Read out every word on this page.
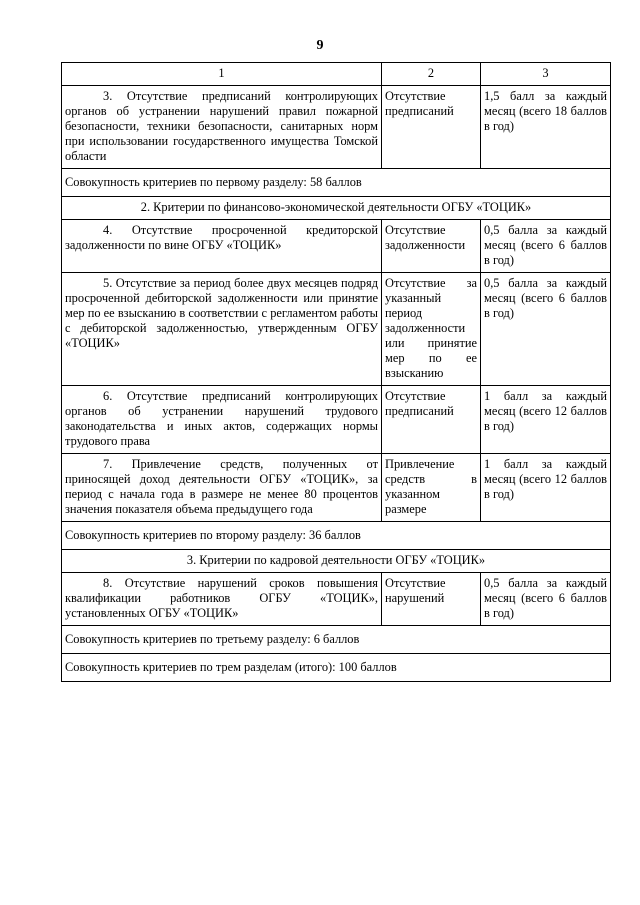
9
1	2	3
3. Отсутствие предписаний контролирующих органов об устранении нарушений правил пожарной безопасности, техники безопасности, санитарных норм при использовании государственного имущества Томской области	Отсутствие предписаний	1,5 балл за каждый месяц (всего 18 баллов в год)
Совокупность критериев по первому разделу: 58 баллов		
2. Критерии по финансово-экономической деятельности ОГБУ «ТОЦИК»		
4. Отсутствие просроченной кредиторской задолженности по вине ОГБУ «ТОЦИК»	Отсутствие задолженности	0,5 балла за каждый месяц (всего 6 баллов в год)
5. Отсутствие за период более двух месяцев подряд просроченной дебиторской задолженности или принятие мер по ее взысканию в соответствии с регламентом работы с дебиторской задолженностью, утвержденным ОГБУ «ТОЦИК»	Отсутствие за указанный период задолженности или принятие мер по ее взысканию	0,5 балла за каждый месяц (всего 6 баллов в год)
6. Отсутствие предписаний контролирующих органов об устранении нарушений трудового законодательства и иных актов, содержащих нормы трудового права	Отсутствие предписаний	1 балл за каждый месяц (всего 12 баллов в год)
7. Привлечение средств, полученных от приносящей доход деятельности ОГБУ «ТОЦИК», за период с начала года в размере не менее 80 процентов значения показателя объема предыдущего года	Привлечение средств в указанном размере	1 балл за каждый месяц (всего 12 баллов в год)
Совокупность критериев по второму разделу: 36 баллов		
3. Критерии по кадровой деятельности ОГБУ «ТОЦИК»		
8. Отсутствие нарушений сроков повышения квалификации работников ОГБУ «ТОЦИК», установленных ОГБУ «ТОЦИК»	Отсутствие нарушений	0,5 балла за каждый месяц (всего 6 баллов в год)
Совокупность критериев по третьему разделу: 6 баллов		
Совокупность критериев по трем разделам (итого): 100 баллов		
